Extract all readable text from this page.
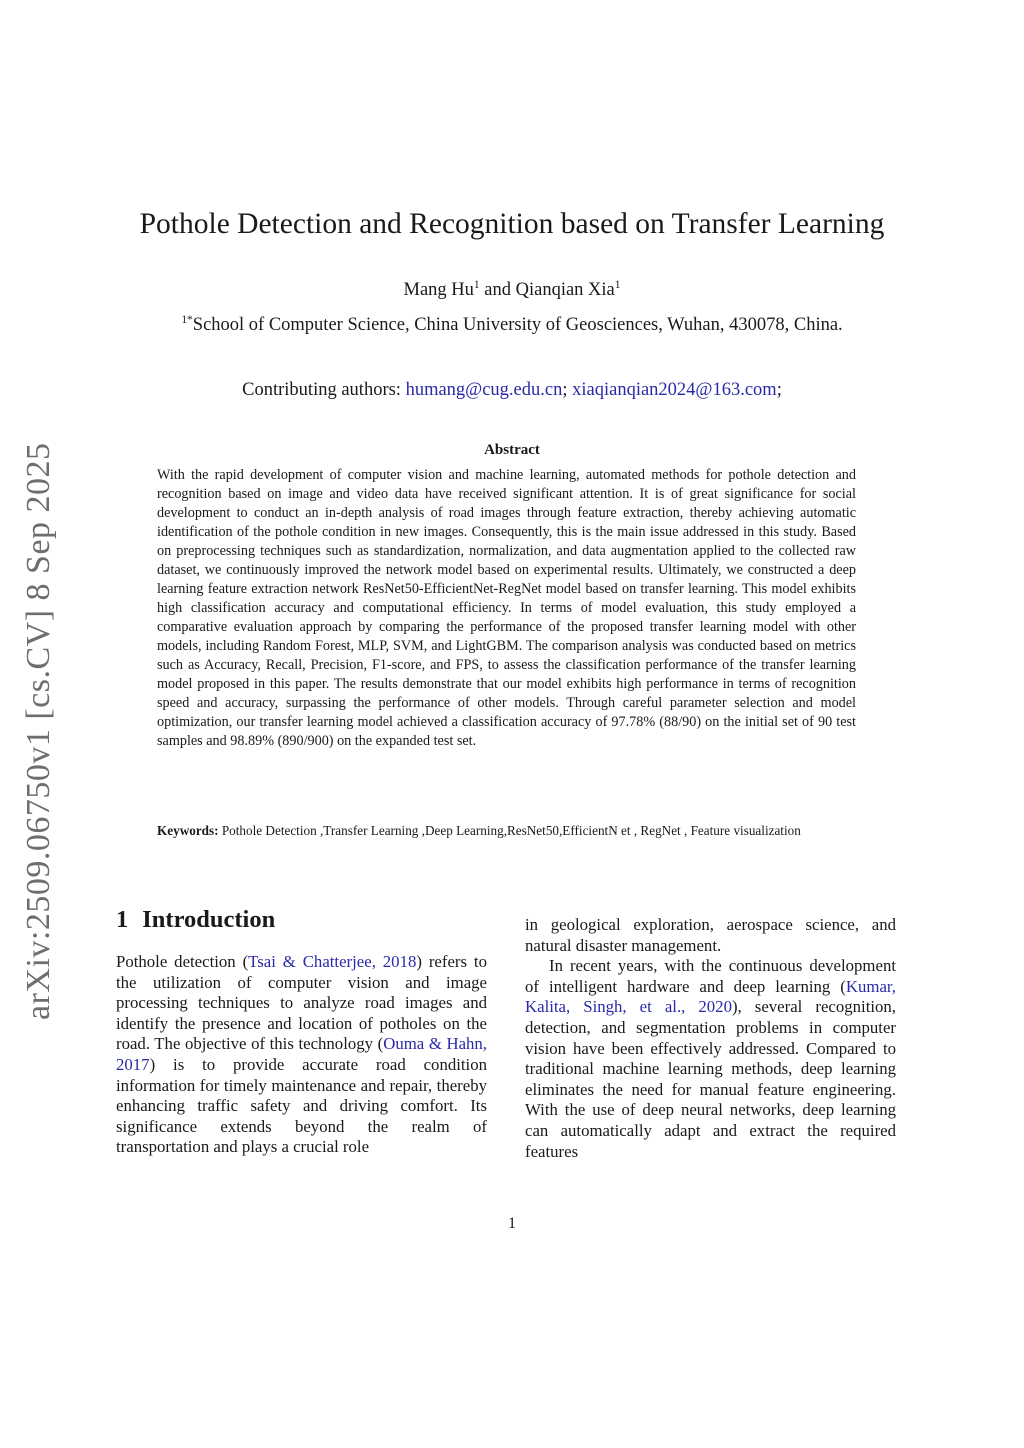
arXiv:2509.06750v1 [cs.CV] 8 Sep 2025
Pothole Detection and Recognition based on Transfer Learning
Mang Hu$^1$ and Qianqian Xia$^1$
$^{1*}$School of Computer Science, China University of Geosciences, Wuhan, 430078, China.
Contributing authors: humang@cug.edu.cn; xiaqianqian2024@163.com;
Abstract

With the rapid development of computer vision and machine learning, automated methods for pothole detection and recognition based on image and video data have received significant attention. It is of great significance for social development to conduct an in-depth analysis of road images through feature extraction, thereby achieving automatic identification of the pothole condition in new images. Consequently, this is the main issue addressed in this study. Based on preprocessing techniques such as standardization, normalization, and data augmentation applied to the collected raw dataset, we continuously improved the network model based on experimental results. Ultimately, we constructed a deep learning feature extraction network ResNet50-EfficientNet-RegNet model based on transfer learning. This model exhibits high classification accuracy and computational efficiency. In terms of model evaluation, this study employed a comparative evaluation approach by comparing the performance of the proposed transfer learning model with other models, including Random Forest, MLP, SVM, and LightGBM. The comparison analysis was conducted based on metrics such as Accuracy, Recall, Precision, F1-score, and FPS, to assess the classification performance of the transfer learning model proposed in this paper. The results demonstrate that our model exhibits high performance in terms of recognition speed and accuracy, surpassing the performance of other models. Through careful parameter selection and model optimization, our transfer learning model achieved a classification accuracy of 97.78% (88/90) on the initial set of 90 test samples and 98.89% (890/900) on the expanded test set.

Keywords: Pothole Detection ,Transfer Learning ,Deep Learning,ResNet50,EfficientN et , RegNet , Feature visualization
1 Introduction

Pothole detection (Tsai & Chatterjee, 2018) refers to the utilization of computer vision and image processing techniques to analyze road images and identify the presence and location of potholes on the road. The objective of this technology (Ouma & Hahn, 2017) is to provide accurate road condition information for timely maintenance and repair, thereby enhancing traffic safety and driving comfort. Its significance extends beyond the realm of transportation and plays a crucial role

in geological exploration, aerospace science, and natural disaster management.

In recent years, with the continuous development of intelligent hardware and deep learning (Kumar, Kalita, Singh, et al., 2020), several recognition, detection, and segmentation problems in computer vision have been effectively addressed. Compared to traditional machine learning methods, deep learning eliminates the need for manual feature engineering. With the use of deep neural networks, deep learning can automatically adapt and extract the required features

1
